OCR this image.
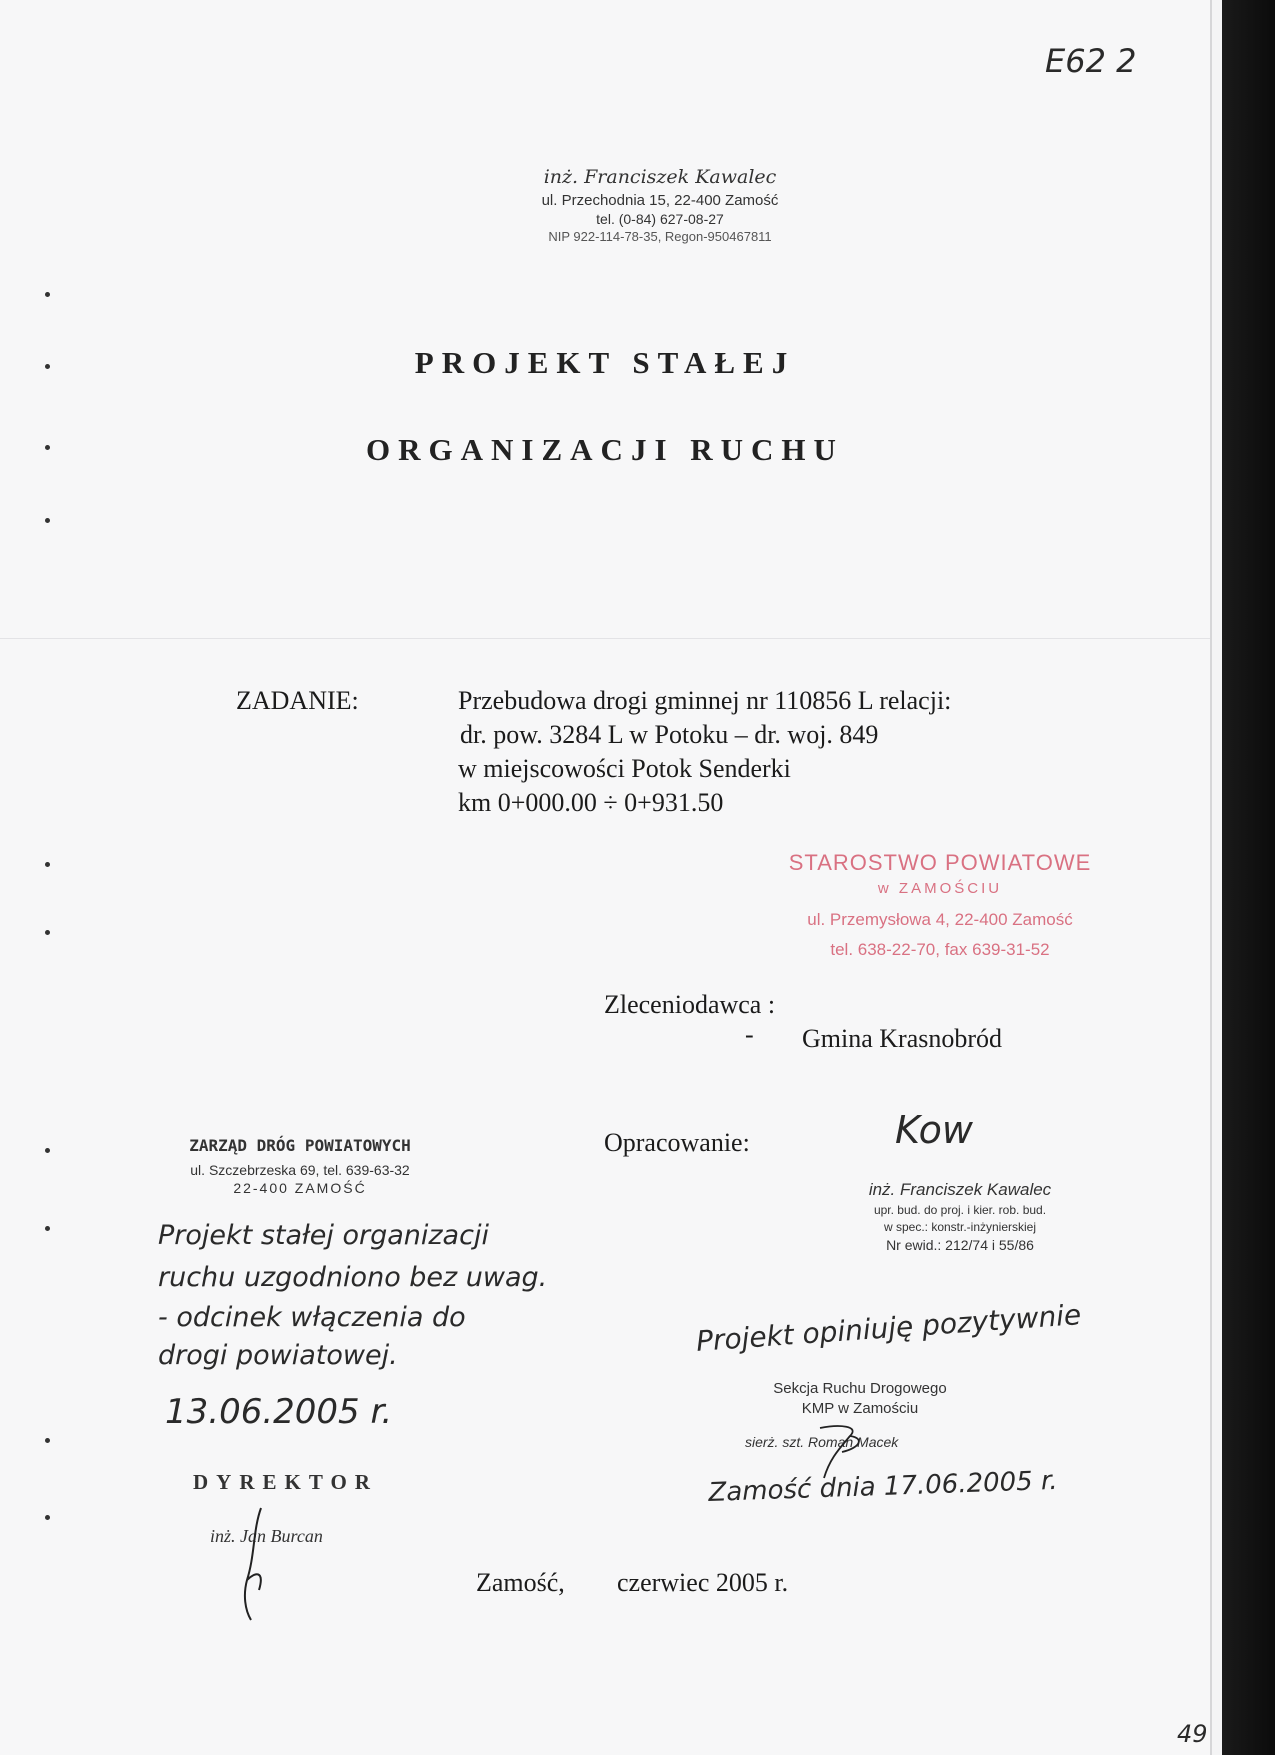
E62 2
inż. Franciszek Kawalec
ul. Przechodnia 15, 22-400 Zamość
tel. (0-84) 627-08-27
NIP 922-114-78-35, Regon-950467811
PROJEKT STAŁEJ
ORGANIZACJI RUCHU
ZADANIE:	Przebudowa drogi gminnej nr 110856 L relacji:
dr. pow. 3284 L w Potoku – dr. woj. 849
w miejscowości Potok Senderki
km 0+000.00 ÷ 0+931.50
STAROSTWO POWIATOWE
w ZAMOŚCIU
ul. Przemysłowa 4, 22-400 Zamość
tel. 638-22-70, fax 639-31-52
Zleceniodawca :
- Gmina Krasnobród
Opracowanie:	Kow
inż. Franciszek Kawalec
upr. bud. do proj. i kier. rob. bud.
w spec.: konstr.-inżynierskiej
Nr ewid.: 212/74 i 55/86
ZARZĄD DRÓG POWIATOWYCH
ul. Szczebrzeska 69, tel. 639-63-32
22-400 ZAMOŚĆ
Projekt stałej organizacji
ruchu uzgodniono bez uwag.
- odcinek włączenia do
drogi powiatowej.
13.06.2005 r.
DYREKTOR
inż. Jan Burcan
Projekt opiniuję pozytywnie
Sekcja Ruchu Drogowego
KMP w Zamościu
sierż. szt. Roman Macek
Zamość dnia 17.06.2005 r.
Zamość, czerwiec 2005 r.
49
